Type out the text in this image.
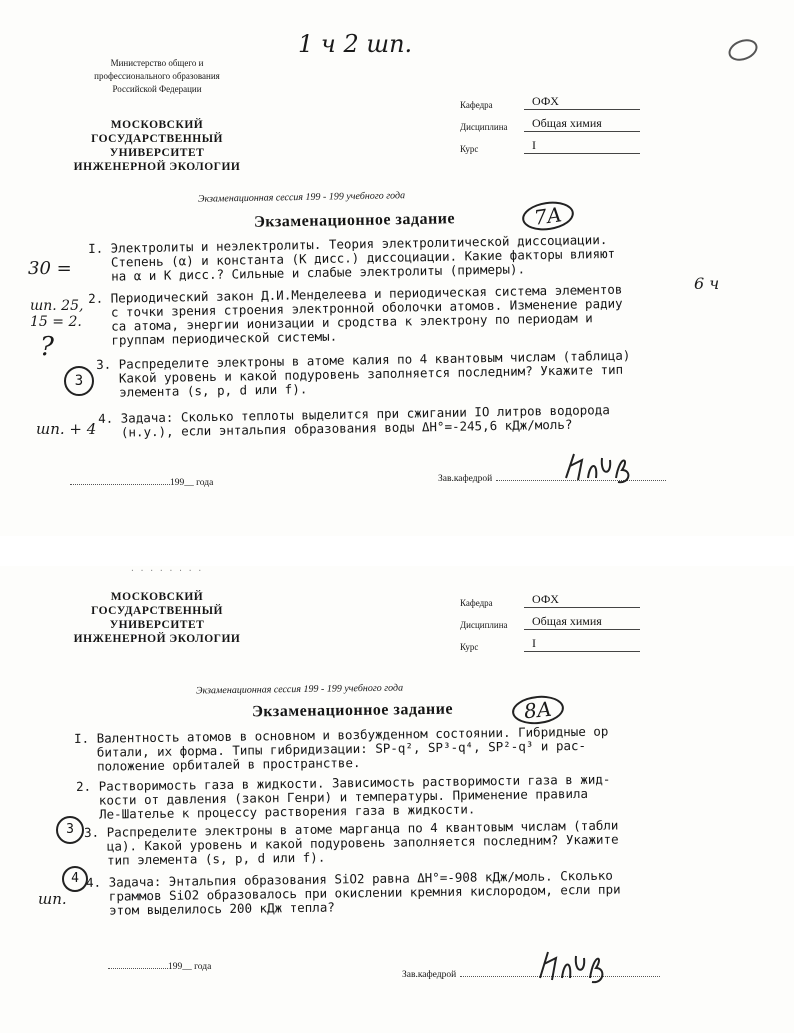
1 ч 2 шп.
Министерство общего и
профессионального образования
Российской Федерации
МОСКОВСКИЙ
ГОСУДАРСТВЕННЫЙ
УНИВЕРСИТЕТ
ИНЖЕНЕРНОЙ ЭКОЛОГИИ
Кафедра	ОФХ
Дисциплина	Общая химия
Курс	I
Экзаменационная сессия 199 - 199 учебного года
Экзаменационное задание	7А
30 =
6 ч
I. Электролиты и неэлектролиты. Теория электролитической диссоциации.
Степень (α) и константа (K дисс.) диссоциации. Какие факторы влияют
на α и K дисс.? Сильные и слабые электролиты (примеры).
шп. 25, 15 = 2.
2. Периодический закон Д.И.Менделеева и периодическая система элементов
с точки зрения строения электронной оболочки атомов. Изменение радиу
са атома, энергии ионизации и сродства к электрону по периодам и
группам периодической системы.
?
3
3. Распределите электроны в атоме калия по 4 квантовым числам (таблица)
Какой уровень и какой подуровень заполняется последним? Укажите тип
элемента (s, p, d или f).
шп. + 4
4. Задача: Сколько теплоты выделится при сжигании IO литров водорода
(н.у.), если энтальпия образования воды ΔH°=-245,6 кДж/моль?
199__ года	Зав.кафедрой
· · · · · · · ·
МОСКОВСКИЙ
ГОСУДАРСТВЕННЫЙ
УНИВЕРСИТЕТ
ИНЖЕНЕРНОЙ ЭКОЛОГИИ
Кафедра	ОФХ
Дисциплина	Общая химия
Курс	I
Экзаменационная сессия 199 - 199 учебного года
Экзаменационное задание	8А
I. Валентность атомов в основном и возбужденном состоянии. Гибридные ор
битали, их форма. Типы гибридизации: SP-q², SP³-q⁴, SP²-q³ и рас-
положение орбиталей в пространстве.
2. Растворимость газа в жидкости. Зависимость растворимости газа в жид-
кости от давления (закон Генри) и температуры. Применение правила
Ле-Шателье к процессу растворения газа в жидкости.
3 3. Распределите электроны в атоме марганца по 4 квантовым числам (табли
ца). Какой уровень и какой подуровень заполняется последним? Укажите
тип элемента (s, p, d или f).
4
шп.
4. Задача: Энтальпия образования SiO2 равна ΔH°=-908 кДж/моль. Сколько
граммов SiO2 образовалось при окислении кремния кислородом, если при
этом выделилось 200 кДж тепла?
199__ года
Зав.кафедрой
